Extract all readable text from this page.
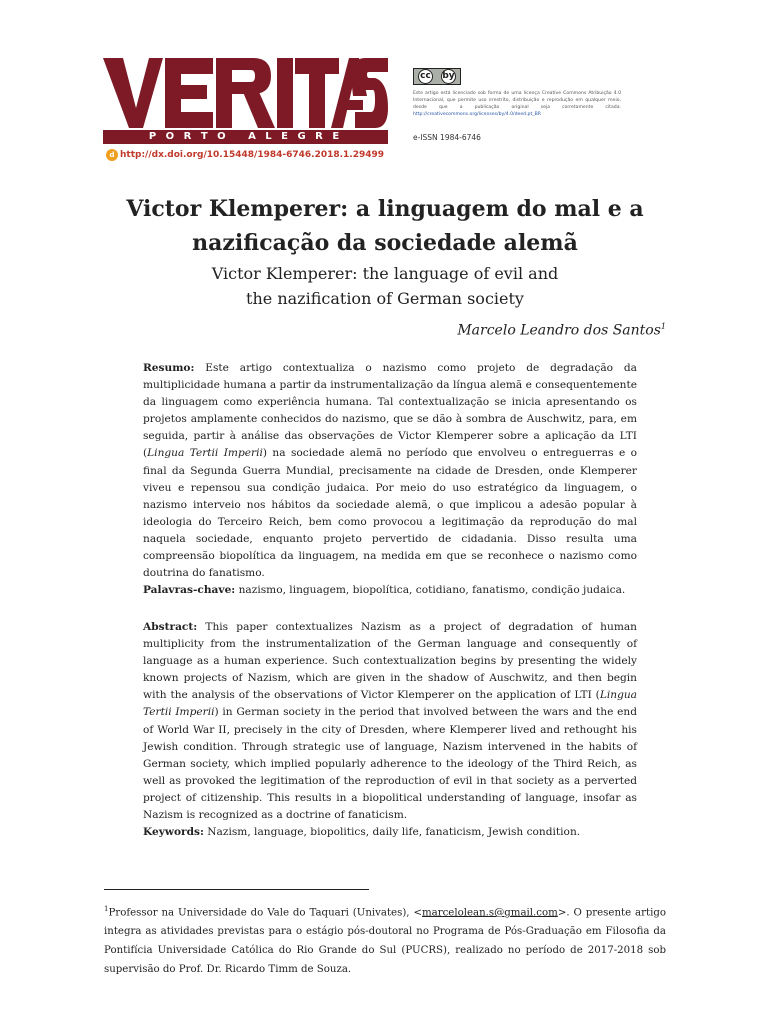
P O R T O   A L E G R E
cc by
Este artigo está licenciado sob forma de uma licença Creative Commons Atribuição 4.0 Internacional, que permite uso irrestrito, distribuição e reprodução em qualquer meio, desde que a publicação original seja corretamente citada. http://creativecommons.org/licenses/by/4.0/deed.pt_BR
e-ISSN 1984-6746
d http://dx.doi.org/10.15448/1984-6746.2018.1.29499
Victor Klemperer: a linguagem do mal e a
nazificação da sociedade alemã
Victor Klemperer: the language of evil and
the nazification of German society
Marcelo Leandro dos Santos$^1$

Resumo: Este artigo contextualiza o nazismo como projeto de degradação da multiplicidade humana a partir da instrumentalização da língua alemã e consequentemente da linguagem como experiência humana. Tal contextualização se inicia apresentando os projetos amplamente conhecidos do nazismo, que se dão à sombra de Auschwitz, para, em seguida, partir à análise das observações de Victor Klemperer sobre a aplicação da LTI (Lingua Tertii Imperii) na sociedade alemã no período que envolveu o entreguerras e o final da Segunda Guerra Mundial, precisamente na cidade de Dresden, onde Klemperer viveu e repensou sua condição judaica. Por meio do uso estratégico da linguagem, o nazismo interveio nos hábitos da sociedade alemã, o que implicou a adesão popular à ideologia do Terceiro Reich, bem como provocou a legitimação da reprodução do mal naquela sociedade, enquanto projeto pervertido de cidadania. Disso resulta uma compreensão biopolítica da linguagem, na medida em que se reconhece o nazismo como doutrina do fanatismo.

Palavras-chave: nazismo, linguagem, biopolítica, cotidiano, fanatismo, condição judaica.

Abstract: This paper contextualizes Nazism as a project of degradation of human multiplicity from the instrumentalization of the German language and consequently of language as a human experience. Such contextualization begins by presenting the widely known projects of Nazism, which are given in the shadow of Auschwitz, and then begin with the analysis of the observations of Victor Klemperer on the application of LTI (Lingua Tertii Imperii) in German society in the period that involved between the wars and the end of World War II, precisely in the city of Dresden, where Klemperer lived and rethought his Jewish condition. Through strategic use of language, Nazism intervened in the habits of German society, which implied popularly adherence to the ideology of the Third Reich, as well as provoked the legitimation of the reproduction of evil in that society as a perverted project of citizenship. This results in a biopolitical understanding of language, insofar as Nazism is recognized as a doctrine of fanaticism.

Keywords: Nazism, language, biopolitics, daily life, fanaticism, Jewish condition.

$^1$Professor na Universidade do Vale do Taquari (Univates), <marcelolean.s@gmail.com>. O presente artigo integra as atividades previstas para o estágio pós-doutoral no Programa de Pós-Graduação em Filosofia da Pontifícia Universidade Católica do Rio Grande do Sul (PUCRS), realizado no período de 2017-2018 sob supervisão do Prof. Dr. Ricardo Timm de Souza.
